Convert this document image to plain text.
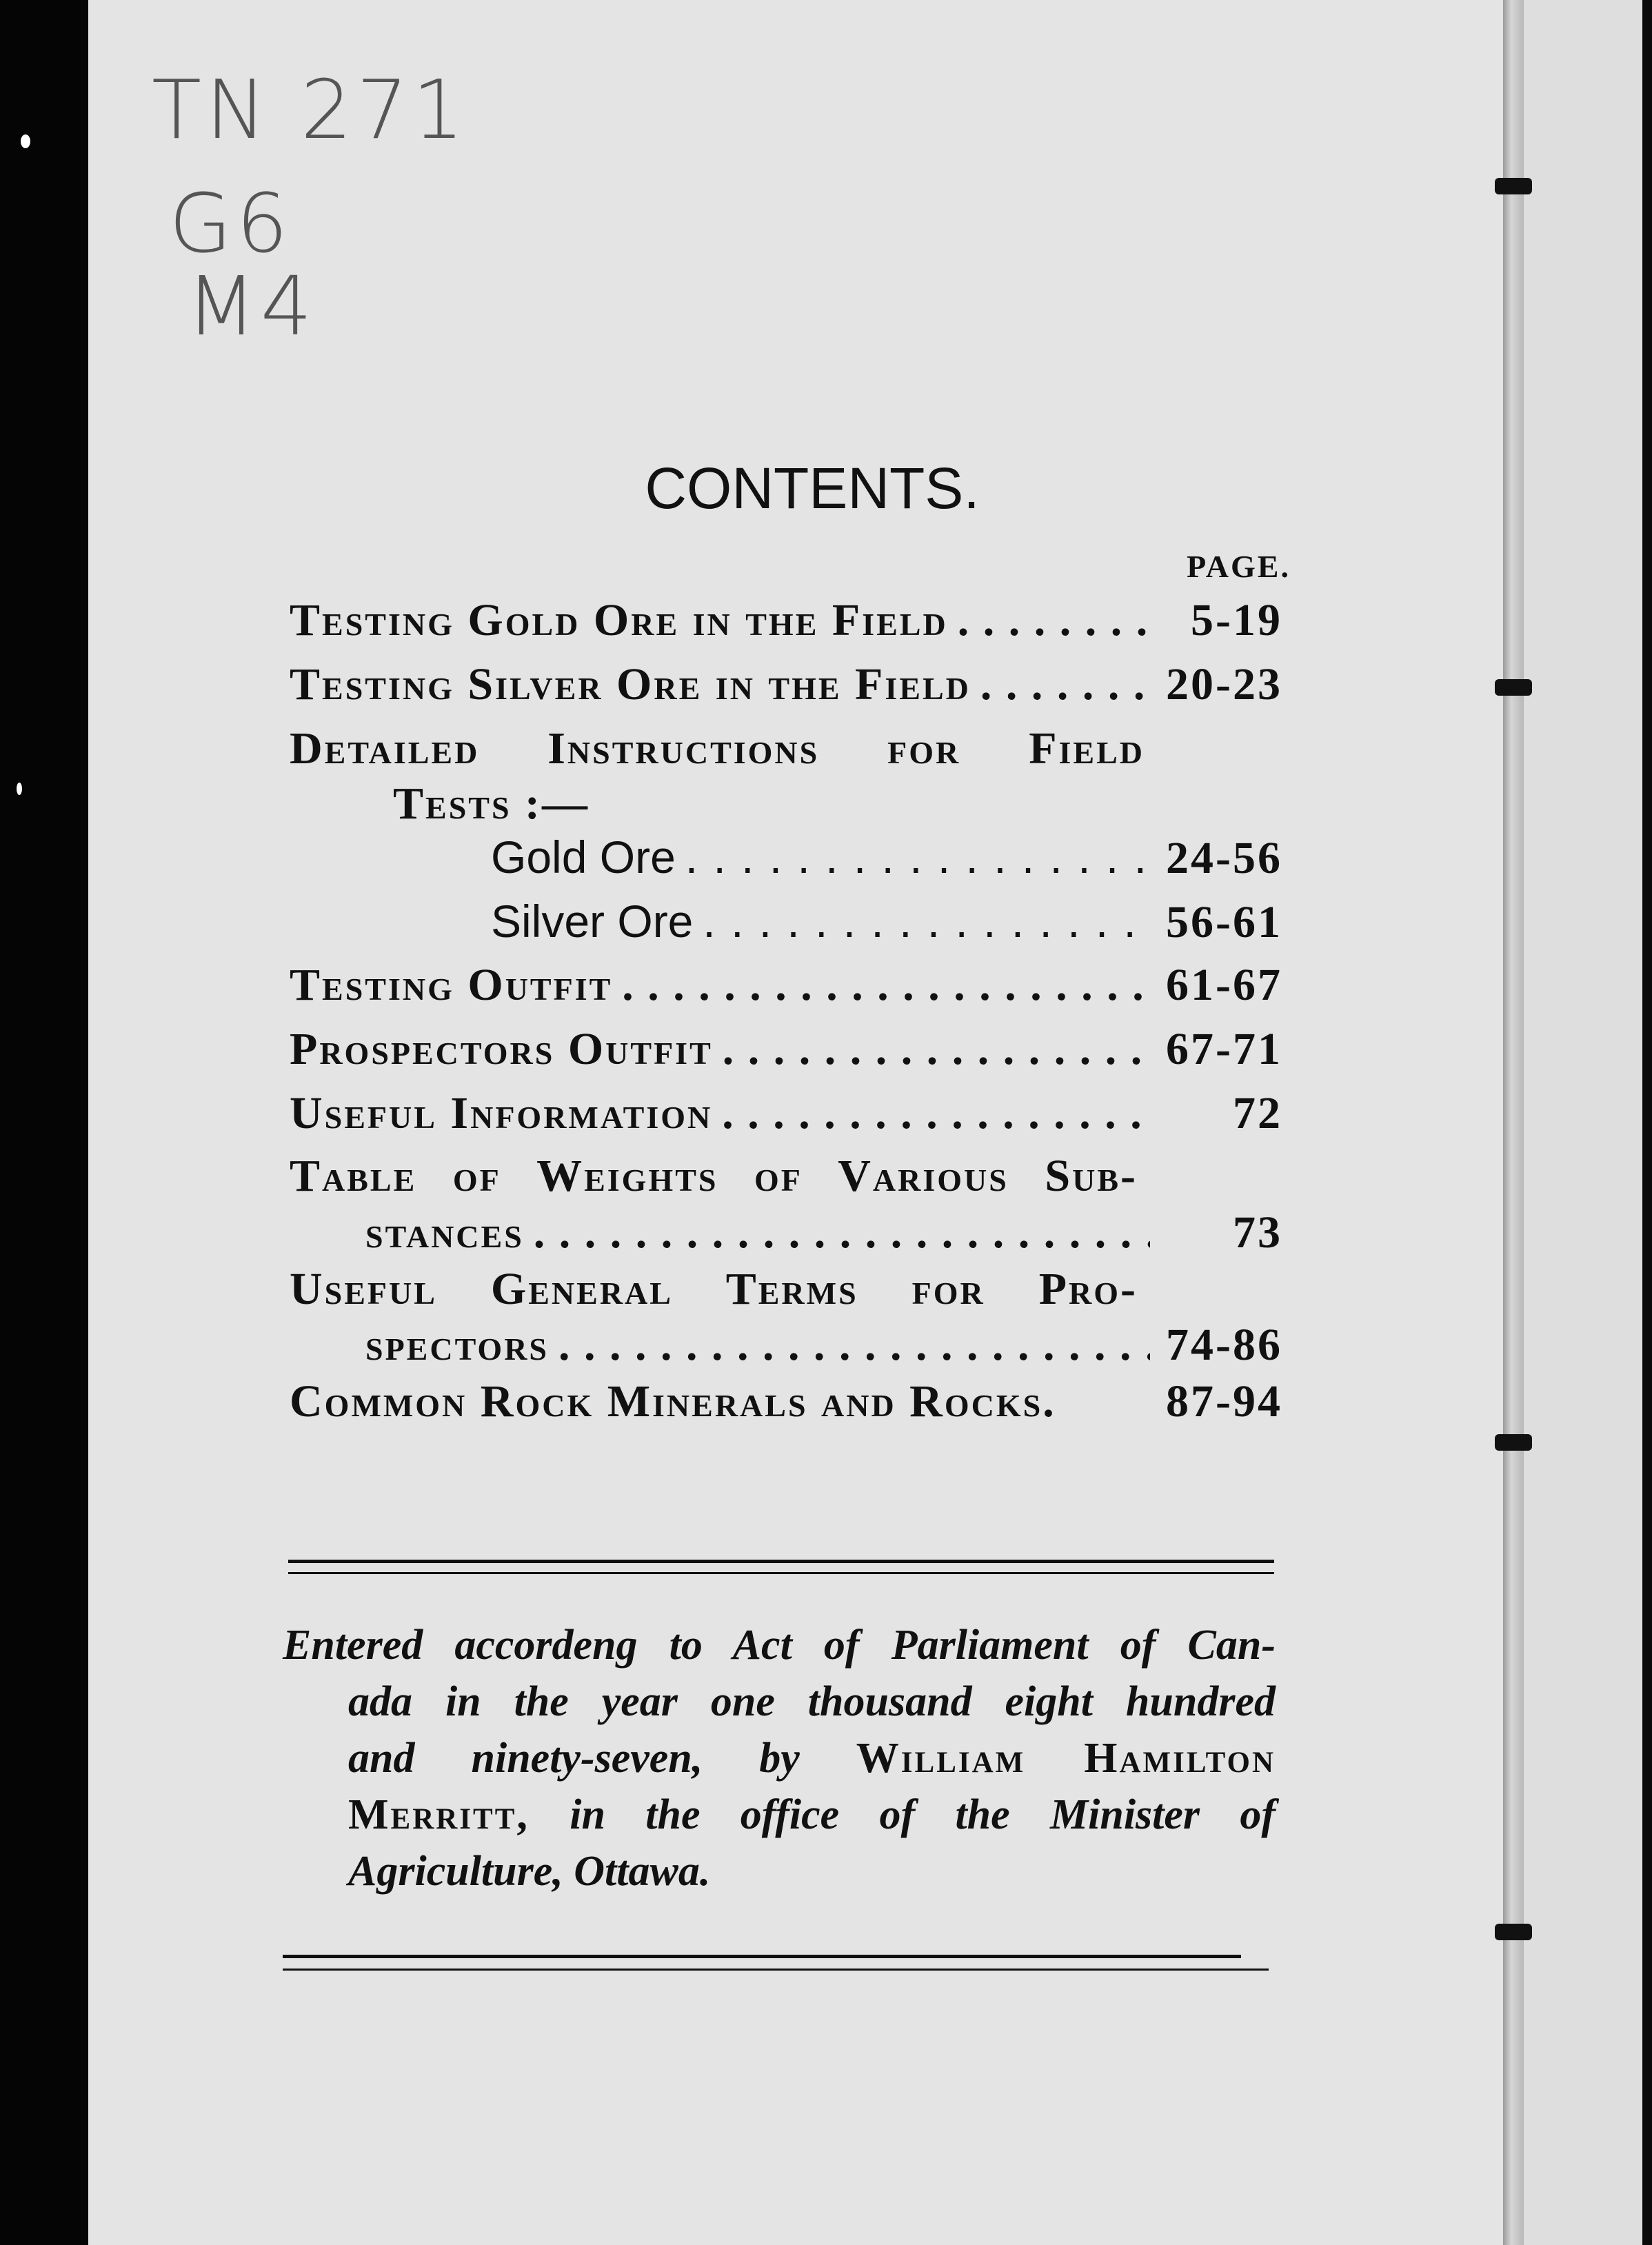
TN 271
G6
M4
CONTENTS.
PAGE.
Testing Gold Ore in the Field . . .	5-19
Testing Silver Ore in the Field . . .	20-23
Detailed Instructions for Field
Tests :—
Gold Ore . . .	24-56
Silver Ore . . .	56-61
Testing Outfit . . .	61-67
Prospectors Outfit . . .	67-71
Useful Information . . .	72
Table of Weights of Various Sub-
stances . . .	73
Useful General Terms for Pro-
spectors . . .	74-86
Common Rock Minerals and Rocks. 87-94
Entered accordeng to Act of Parliament of Can-
ada in the year one thousand eight hundred
and ninety-seven, by William Hamilton
Merritt, in the office of the Minister of
Agriculture, Ottawa.
